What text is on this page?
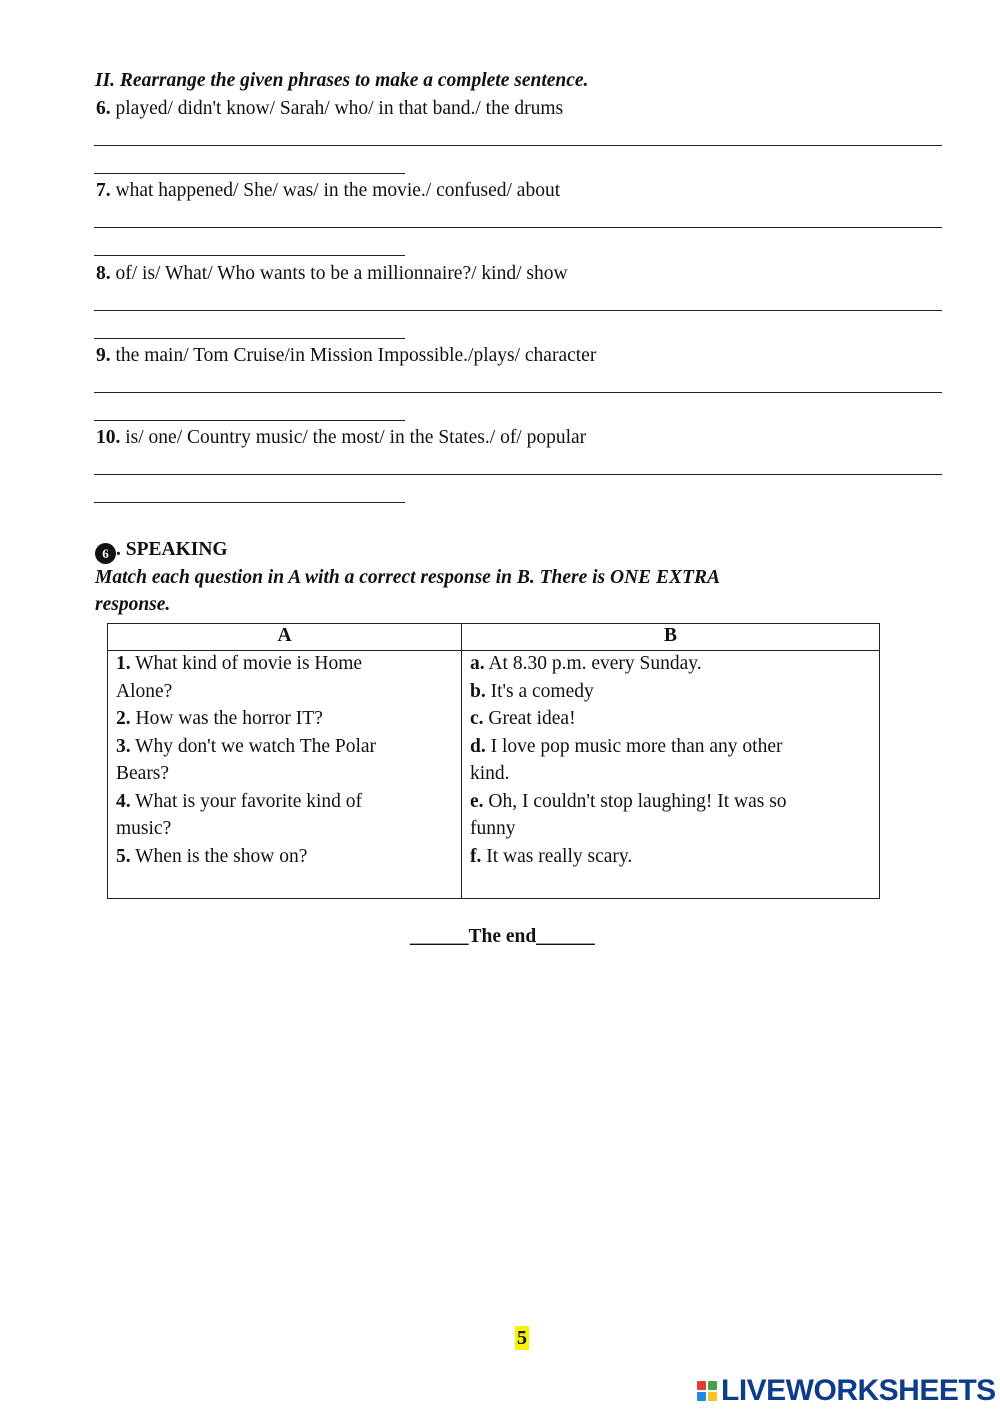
II. Rearrange the given phrases to make a complete sentence.
6. played/ didn't know/ Sarah/ who/ in that band./ the drums
7. what happened/ She/ was/ in the movie./ confused/ about
8. of/ is/ What/ Who wants to be a millionnaire?/ kind/ show
9. the main/ Tom Cruise/in Mission Impossible./plays/ character
10. is/ one/ Country music/ the most/ in the States./ of/ popular
6 . SPEAKING
Match each question in A with a correct response in B. There is ONE EXTRA
response.
A	B
1. What kind of movie is Home
Alone?
2. How was the horror IT?
3. Why don't we watch The Polar
Bears?
4. What is your favorite kind of
music?
5. When is the show on?
a. At 8.30 p.m. every Sunday.
b. It's a comedy
c. Great idea!
d. I love pop music more than any other
kind.
e. Oh, I couldn't stop laughing! It was so
funny
f. It was really scary.
______The end______
5
LIVEWORKSHEETS
